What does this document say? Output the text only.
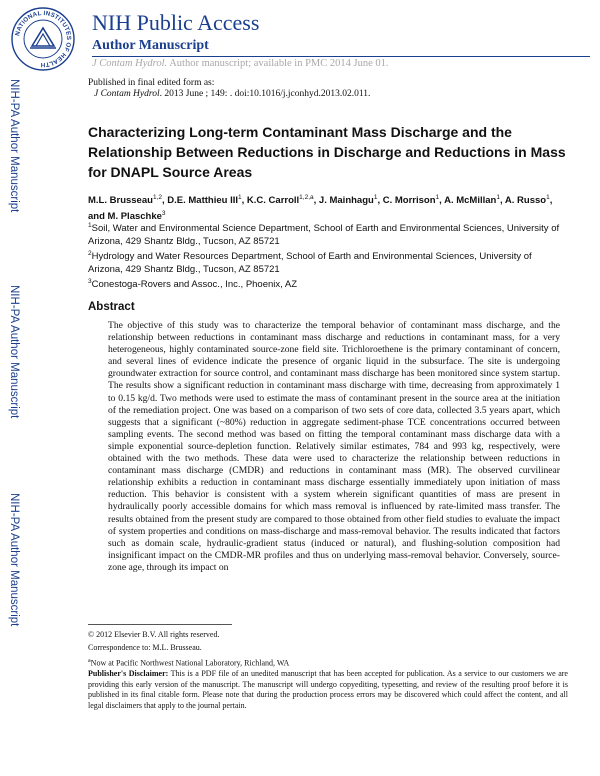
NATIONAL INSTITUTES OF HEALTH
NIH Public Access
Author Manuscript
J Contam Hydrol. Author manuscript; available in PMC 2014 June 01.
NIH-PA Author Manuscript
NIH-PA Author Manuscript
NIH-PA Author Manuscript
Published in final edited form as:
J Contam Hydrol. 2013 June ; 149: . doi:10.1016/j.jconhyd.2013.02.011.
Characterizing Long-term Contaminant Mass Discharge and the Relationship Between Reductions in Discharge and Reductions in Mass for DNAPL Source Areas
M.L. Brusseau$^{1,2}$, D.E. Matthieu III$^1$, K.C. Carroll$^{1,2,a}$, J. Mainhagu$^1$, C. Morrison$^1$, A. McMillan$^1$, A. Russo$^1$, and M. Plaschke$^3$
$^1$Soil, Water and Environmental Science Department, School of Earth and Environmental Sciences, University of Arizona, 429 Shantz Bldg., Tucson, AZ 85721
$^2$Hydrology and Water Resources Department, School of Earth and Environmental Sciences, University of Arizona, 429 Shantz Bldg., Tucson, AZ 85721
$^3$Conestoga-Rovers and Assoc., Inc., Phoenix, AZ
Abstract
The objective of this study was to characterize the temporal behavior of contaminant mass discharge, and the relationship between reductions in contaminant mass discharge and reductions in contaminant mass, for a very heterogeneous, highly contaminated source-zone field site. Trichloroethene is the primary contaminant of concern, and several lines of evidence indicate the presence of organic liquid in the subsurface. The site is undergoing groundwater extraction for source control, and contaminant mass discharge has been monitored since system startup. The results show a significant reduction in contaminant mass discharge with time, decreasing from approximately 1 to 0.15 kg/d. Two methods were used to estimate the mass of contaminant present in the source area at the initiation of the remediation project. One was based on a comparison of two sets of core data, collected 3.5 years apart, which suggests that a significant (~80%) reduction in aggregate sediment-phase TCE concentrations occurred between sampling events. The second method was based on fitting the temporal contaminant mass discharge data with a simple exponential source-depletion function. Relatively similar estimates, 784 and 993 kg, respectively, were obtained with the two methods. These data were used to characterize the relationship between reductions in contaminant mass discharge (CMDR) and reductions in contaminant mass (MR). The observed curvilinear relationship exhibits a reduction in contaminant mass discharge essentially immediately upon initiation of mass reduction. This behavior is consistent with a system wherein significant quantities of mass are present in hydraulically poorly accessible domains for which mass removal is influenced by rate-limited mass transfer. The results obtained from the present study are compared to those obtained from other field studies to evaluate the impact of system properties and conditions on mass-discharge and mass-removal behavior. The results indicated that factors such as domain scale, hydraulic-gradient status (induced or natural), and flushing-solution composition had insignificant impact on the CMDR-MR profiles and thus on underlying mass-removal behavior. Conversely, source-zone age, through its impact on
© 2012 Elsevier B.V. All rights reserved.
Correspondence to: M.L. Brusseau.
$^a$Now at Pacific Northwest National Laboratory, Richland, WA
Publisher's Disclaimer: This is a PDF file of an unedited manuscript that has been accepted for publication. As a service to our customers we are providing this early version of the manuscript. The manuscript will undergo copyediting, typesetting, and review of the resulting proof before it is published in its final citable form. Please note that during the production process errors may be discovered which could affect the content, and all legal disclaimers that apply to the journal pertain.
